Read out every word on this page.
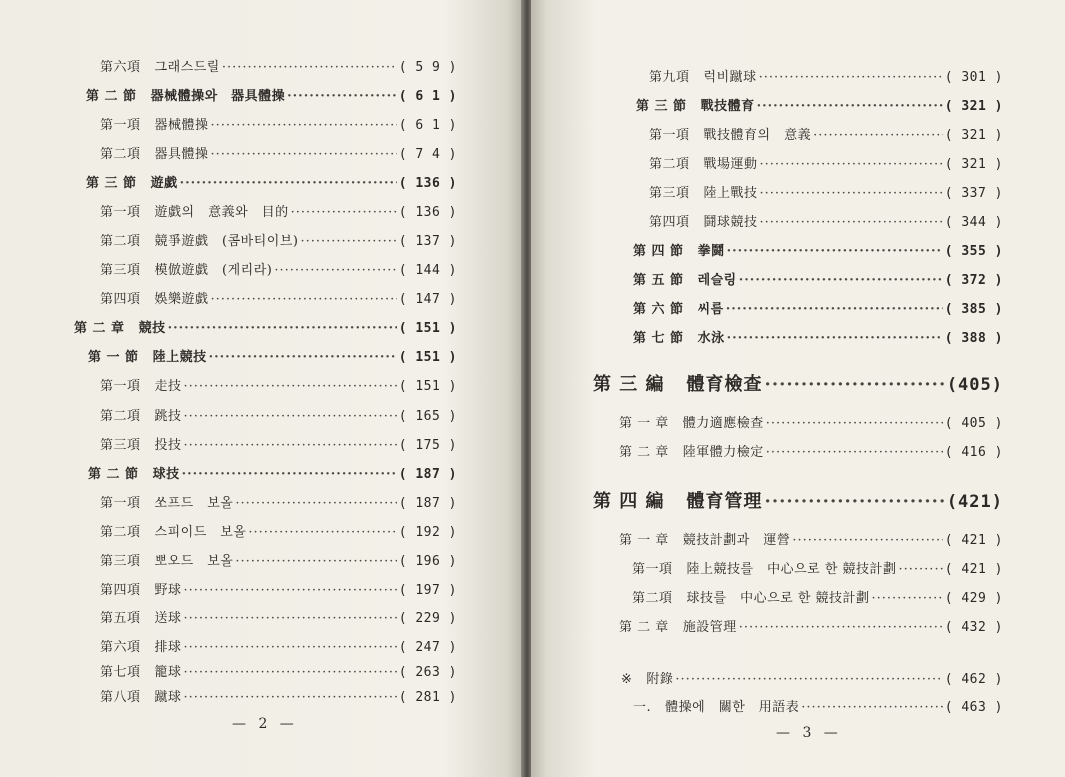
第六項 그래스드릴 ·····	( 5 9 )
第 二 節 器械體操와　器具體操 ·····	( 6 1 )
第一項 器械體操 ·····	( 6 1 )
第二項 器具體操 ·····	( 7 4 )
第 三 節 遊戯 ·····	( 136 )
第一項 遊戯의　意義와　目的 ·····	( 136 )
第二項 競爭遊戯　(콤바티이브) ·····	( 137 )
第三項 模倣遊戯　(게리라) ·····	( 144 )
第四項 娛樂遊戯 ·····	( 147 )
第 二 章 競技 ·····	( 151 )
第 一 節 陸上競技 ·····	( 151 )
第一項 走技 ·····	( 151 )
第二項 跳技 ·····	( 165 )
第三項 投技 ·····	( 175 )
第 二 節 球技 ·····	( 187 )
第一項 쏘프드　보올 ·····	( 187 )
第二項 스피이드　보올 ·····	( 192 )
第三項 뽀오드　보올 ·····	( 196 )
第四項 野球 ·····	( 197 )
第五項 送球 ·····	( 229 )
第六項 排球 ·····	( 247 )
第七項 籠球 ·····	( 263 )
第八項 蹴球 ·····	( 281 )
— 2 —
第九項 럭비蹴球 ·····	( 301 )
第 三 節 戰技體育 ·····	( 321 )
第一項 戰技體育의　意義 ·····	( 321 )
第二項 戰場運動 ·····	( 321 )
第三項 陸上戰技 ·····	( 337 )
第四項 鬪球競技 ·····	( 344 )
第 四 節 拳鬪 ·····	( 355 )
第 五 節 레슬링 ·····	( 372 )
第 六 節 씨름 ·····	( 385 )
第 七 節 水泳 ·····	( 388 )
第 三 編 體育檢查 ·····	(405)
第 一 章 體力適應檢查 ·····	( 405 )
第 二 章 陸軍體力檢定 ·····	( 416 )
第 四 編 體育管理 ·····	(421)
第 一 章 競技計劃과　運營 ·····	( 421 )
第一項 陸上競技를　中心으로 한 競技計劃 ·····	( 421 )
第二項 球技를　中心으로 한 競技計劃 ·····	( 429 )
第 二 章 施設管理 ·····	( 432 )
※ 附錄 ·····	( 462 )
一. 體操에　關한　用語表 ·····	( 463 )
— 3 —
